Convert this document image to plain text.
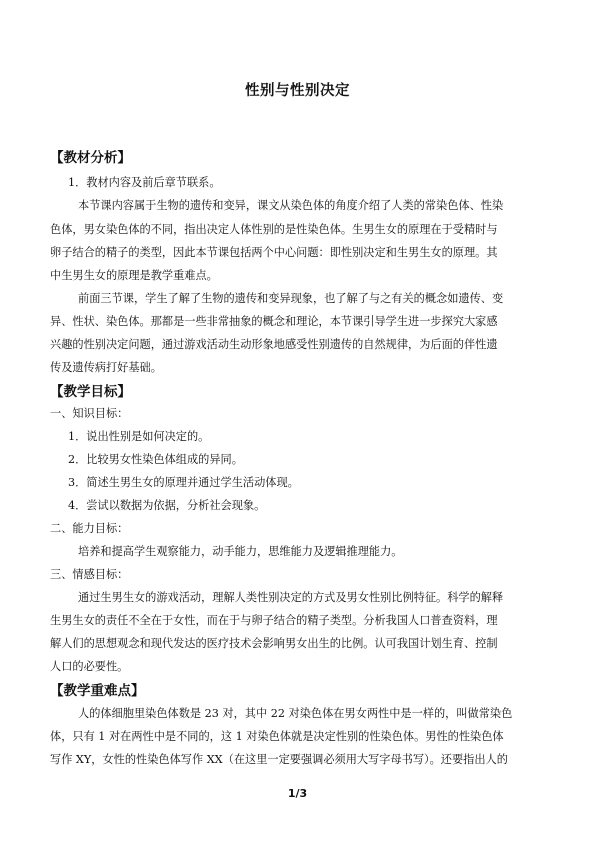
性别与性别决定
【教材分析】
1．教材内容及前后章节联系。
本节课内容属于生物的遗传和变异，课文从染色体的角度介绍了人类的常染色体、性染
色体，男女染色体的不同，指出决定人体性别的是性染色体。生男生女的原理在于受精时与
卵子结合的精子的类型，因此本节课包括两个中心问题：即性别决定和生男生女的原理。其
中生男生女的原理是教学重难点。
前面三节课，学生了解了生物的遗传和变异现象，也了解了与之有关的概念如遗传、变
异、性状、染色体。那都是一些非常抽象的概念和理论，本节课引导学生进一步探究大家感
兴趣的性别决定问题，通过游戏活动生动形象地感受性别遗传的自然规律，为后面的伴性遗
传及遗传病打好基础。
【教学目标】
一、知识目标：
1．说出性别是如何决定的。
2．比较男女性染色体组成的异同。
3．简述生男生女的原理并通过学生活动体现。
4．尝试以数据为依据，分析社会现象。
二、能力目标：
培养和提高学生观察能力，动手能力，思维能力及逻辑推理能力。
三、情感目标：
通过生男生女的游戏活动，理解人类性别决定的方式及男女性别比例特征。科学的解释
生男生女的责任不全在于女性，而在于与卵子结合的精子类型。分析我国人口普查资料，理
解人们的思想观念和现代发达的医疗技术会影响男女出生的比例。认可我国计划生育、控制
人口的必要性。
【教学重难点】
人的体细胞里染色体数是 23 对，其中 22 对染色体在男女两性中是一样的，叫做常染色
体，只有 1 对在两性中是不同的，这 1 对染色体就是决定性别的性染色体。男性的性染色体
写作 XY，女性的性染色体写作 XX（在这里一定要强调必须用大写字母书写）。还要指出人的
1/3
